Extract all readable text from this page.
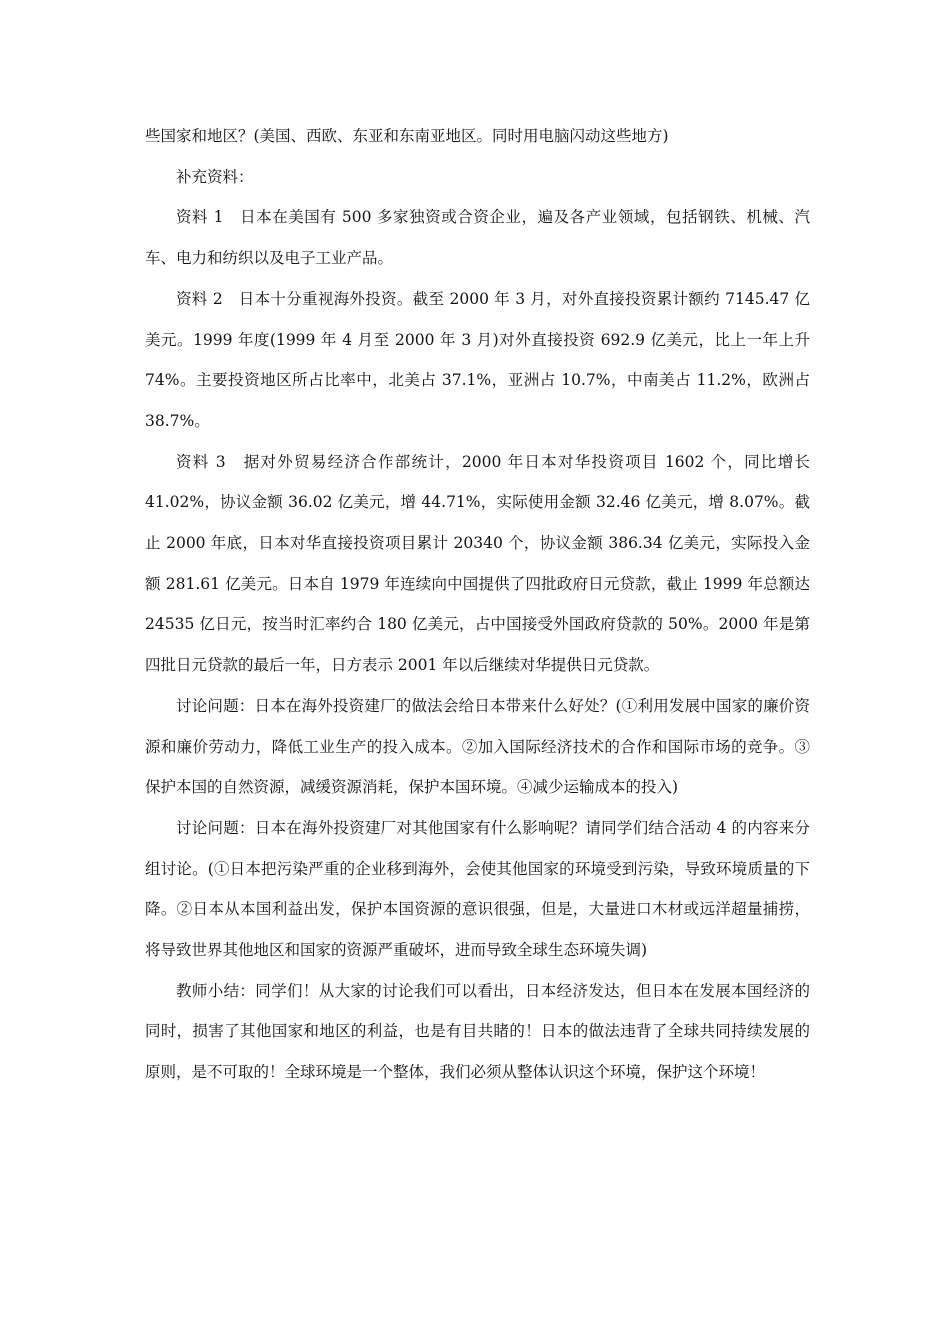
些国家和地区？(美国、西欧、东亚和东南亚地区。同时用电脑闪动这些地方)

补充资料：

资料 1　日本在美国有 500 多家独资或合资企业，遍及各产业领域，包括钢铁、机械、汽车、电力和纺织以及电子工业产品。

资料 2　日本十分重视海外投资。截至 2000 年 3 月，对外直接投资累计额约 7145.47 亿美元。1999 年度(1999 年 4 月至 2000 年 3 月)对外直接投资 692.9 亿美元，比上一年上升 74%。主要投资地区所占比率中，北美占 37.1%，亚洲占 10.7%，中南美占 11.2%，欧洲占 38.7%。

资料 3　据对外贸易经济合作部统计，2000 年日本对华投资项目 1602 个，同比增长 41.02%，协议金额 36.02 亿美元，增 44.71%，实际使用金额 32.46 亿美元，增 8.07%。截止 2000 年底，日本对华直接投资项目累计 20340 个，协议金额 386.34 亿美元，实际投入金额 281.61 亿美元。日本自 1979 年连续向中国提供了四批政府日元贷款，截止 1999 年总额达 24535 亿日元，按当时汇率约合 180 亿美元，占中国接受外国政府贷款的 50%。2000 年是第四批日元贷款的最后一年，日方表示 2001 年以后继续对华提供日元贷款。

讨论问题：日本在海外投资建厂的做法会给日本带来什么好处？(①利用发展中国家的廉价资源和廉价劳动力，降低工业生产的投入成本。②加入国际经济技术的合作和国际市场的竞争。③保护本国的自然资源，减缓资源消耗，保护本国环境。④减少运输成本的投入)

讨论问题：日本在海外投资建厂对其他国家有什么影响呢？请同学们结合活动 4 的内容来分组讨论。(①日本把污染严重的企业移到海外，会使其他国家的环境受到污染，导致环境质量的下降。②日本从本国利益出发，保护本国资源的意识很强，但是，大量进口木材或远洋超量捕捞，将导致世界其他地区和国家的资源严重破坏，进而导致全球生态环境失调)

教师小结：同学们！从大家的讨论我们可以看出，日本经济发达，但日本在发展本国经济的同时，损害了其他国家和地区的利益，也是有目共睹的！日本的做法违背了全球共同持续发展的原则，是不可取的！全球环境是一个整体，我们必须从整体认识这个环境，保护这个环境！
